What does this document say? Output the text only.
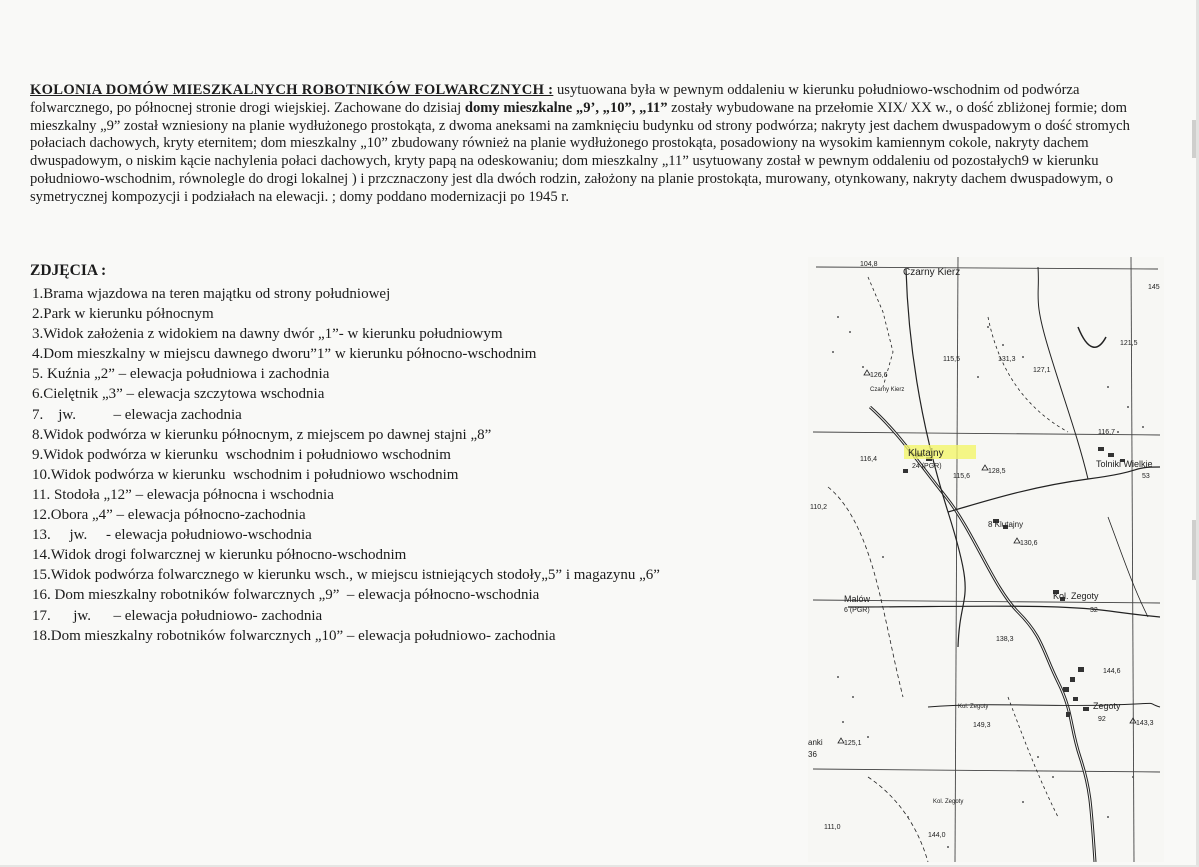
KOLONIA DOMÓW MIESZKALNYCH ROBOTNIKÓW FOLWARCZNYCH : usytuowana była w pewnym oddaleniu w kierunku południowo-wschodnim od podwórza folwarcznego, po północnej stronie drogi wiejskiej. Zachowane do dzisiaj domy mieszkalne „9’, „10”, „11” zostały wybudowane na przełomie XIX/ XX w., o dość zbliżonej formie; dom mieszkalny „9” został wzniesiony na planie wydłużonego prostokąta, z dwoma aneksami na zamknięciu budynku od strony podwórza; nakryty jest dachem dwuspadowym o dość stromych połaciach dachowych, kryty eternitem; dom mieszkalny „10” zbudowany również na planie wydłużonego prostokąta, posadowiony na wysokim kamiennym cokole, nakryty dachem dwuspadowym, o niskim kącie nachylenia połaci dachowych, kryty papą na odeskowaniu; dom mieszkalny „11” usytuowany został w pewnym oddaleniu od pozostałych9 w kierunku południowo-wschodnim, równolegle do drogi lokalnej ) i przcznaczony jest dla dwóch rodzin, założony na planie prostokąta, murowany, otynkowany, nakryty dachem dwuspadowym, o symetrycznej kompozycji i podziałach na elewacji. ; domy poddano modernizacji po 1945 r.

ZDJĘCIA :
1.Brama wjazdowa na teren majątku od strony południowej
2.Park w kierunku północnym
3.Widok założenia z widokiem na dawny dwór „1”- w kierunku południowym
4.Dom mieszkalny w miejscu dawnego dworu”1” w kierunku północno-wschodnim
5. Kuźnia „2” – elewacja południowa i zachodnia
6.Cielętnik „3” – elewacja szczytowa wschodnia
7.    jw.          – elewacja zachodnia
8.Widok podwórza w kierunku północnym, z miejscem po dawnej stajni „8”
9.Widok podwórza w kierunku  wschodnim i południowo wschodnim
10.Widok podwórza w kierunku  wschodnim i południowo wschodnim
11. Stodoła „12” – elewacja północna i wschodnia
12.Obora „4” – elewacja północno-zachodnia
13.     jw.     - elewacja południowo-wschodnia
14.Widok drogi folwarcznej w kierunku północno-wschodnim
15.Widok podwórza folwarcznego w kierunku wsch., w miejscu istniejących stodoły„5” i magazynu „6”
16. Dom mieszkalny robotników folwarcznych „9”  – elewacja północno-wschodnia
17.      jw.      – elewacja południowo- zachodnia
18.Dom mieszkalny robotników folwarcznych „10” – elewacja południowo- zachodnia
104,8
Czarny Kierz
145
121,5
126,6
115,5	131,3
127,1
Czarny Kierz
116,7
116,4
Klutajny
24 (PGR)
115,6
128,5
Tolniki Wielkie
53
110,2
8 Klutajny
130,6
Malów
6 (PGR)
Kol. Zegoty
32
138,3
144,6
Kol. Zegoty
149,3
Zegoty
92
143,3
anki
36
125,1
Kol. Zegoty
111,0
144,0
